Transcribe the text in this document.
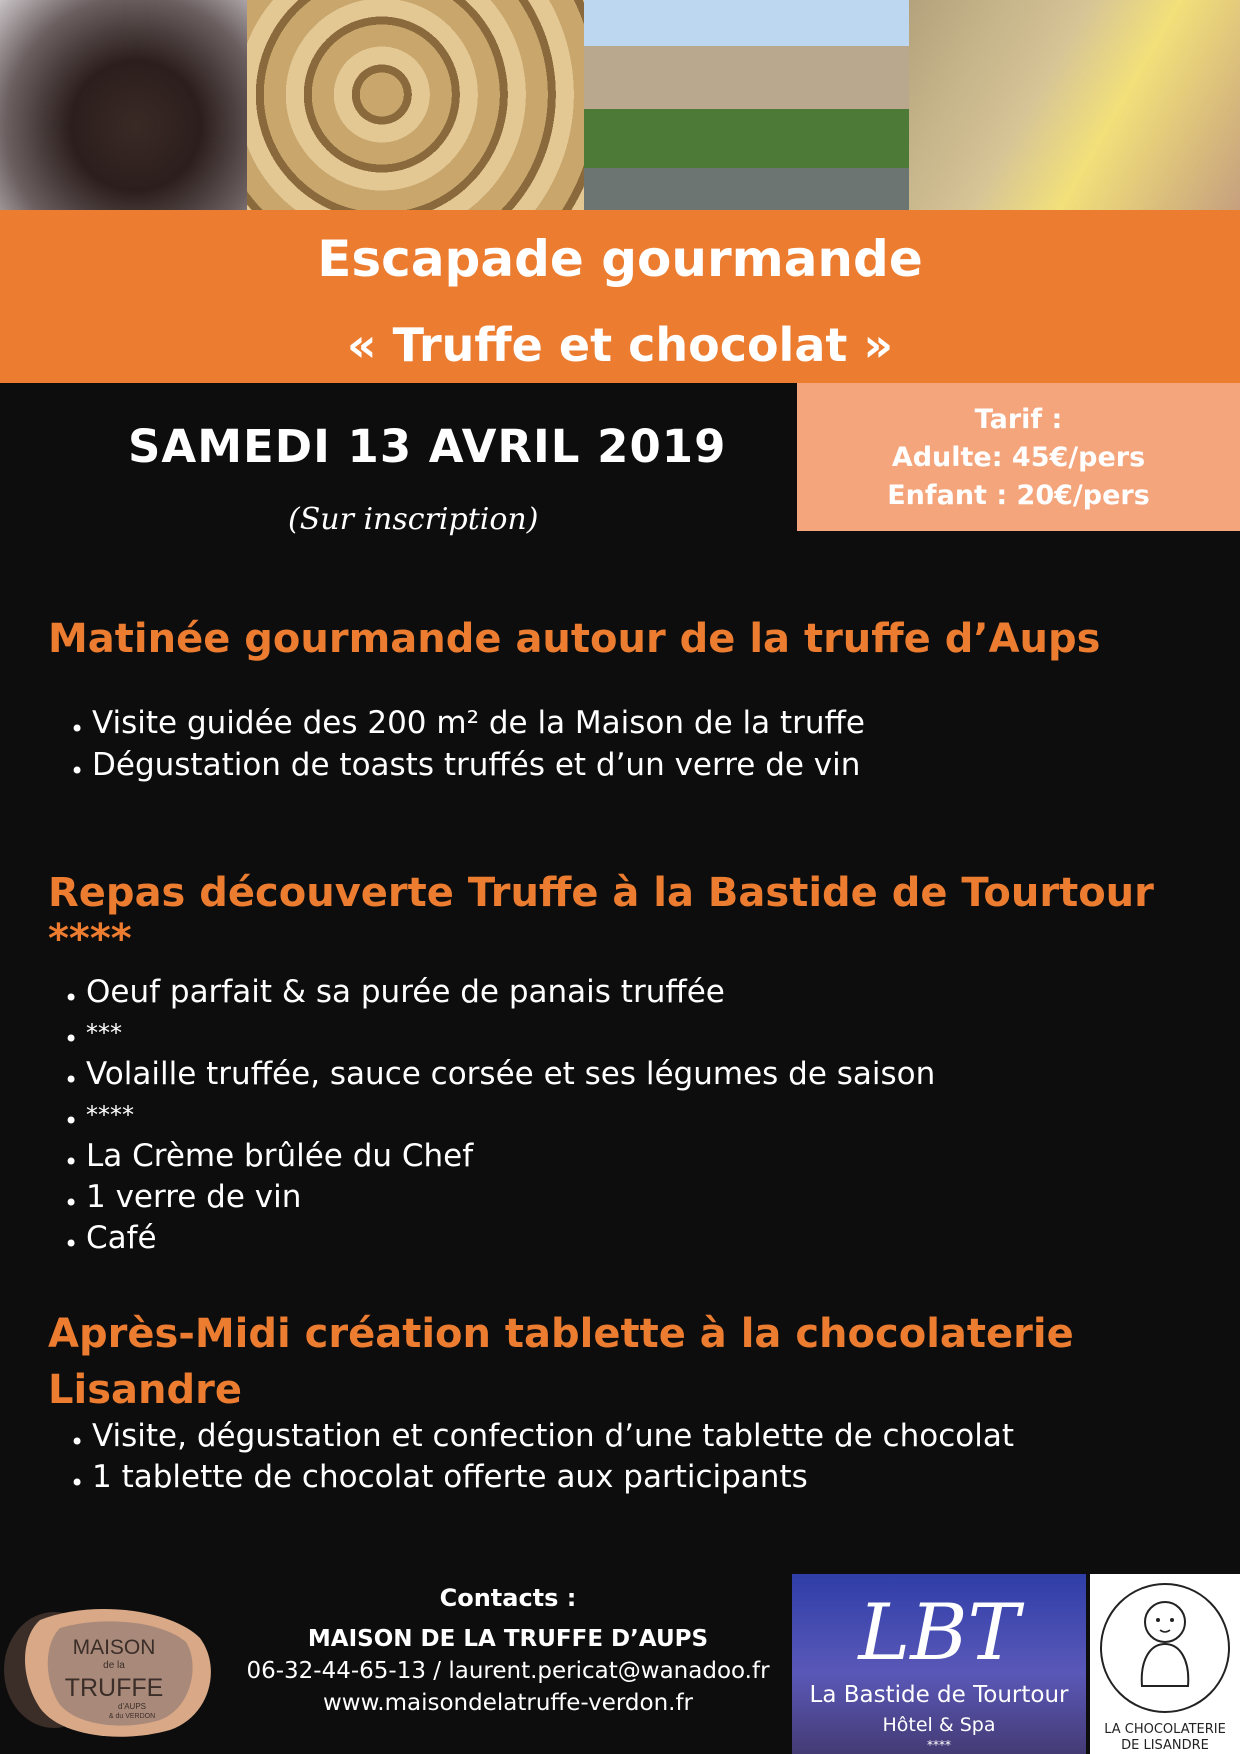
Escapade gourmande
« Truffe et chocolat »
SAMEDI 13 AVRIL 2019
(Sur inscription)
Tarif :
Adulte: 45€/pers
Enfant : 20€/pers
Matinée gourmande autour de la truffe d’Aups
• Visite guidée des 200 m² de la Maison de la truffe
• Dégustation de toasts truffés et d’un verre de vin
Repas découverte Truffe à la Bastide de Tourtour ****
• Oeuf parfait & sa purée de panais truffée
• ***
• Volaille truffée, sauce corsée et ses légumes de saison
• ****
• La Crème brûlée du Chef
• 1 verre de vin
• Café
Après-Midi création tablette à la chocolaterie
Lisandre
• Visite, dégustation et confection d’une tablette de chocolat
• 1 tablette de chocolat offerte aux participants
MAISON
de la
TRUFFE
d’AUPS
& du VERDON
Contacts :
MAISON DE LA TRUFFE D’AUPS
06-32-44-65-13 / laurent.pericat@wanadoo.fr
www.maisondelatruffe-verdon.fr
LBT
La Bastide de Tourtour
Hôtel & Spa
****
LA CHOCOLATERIE
DE LISANDRE
